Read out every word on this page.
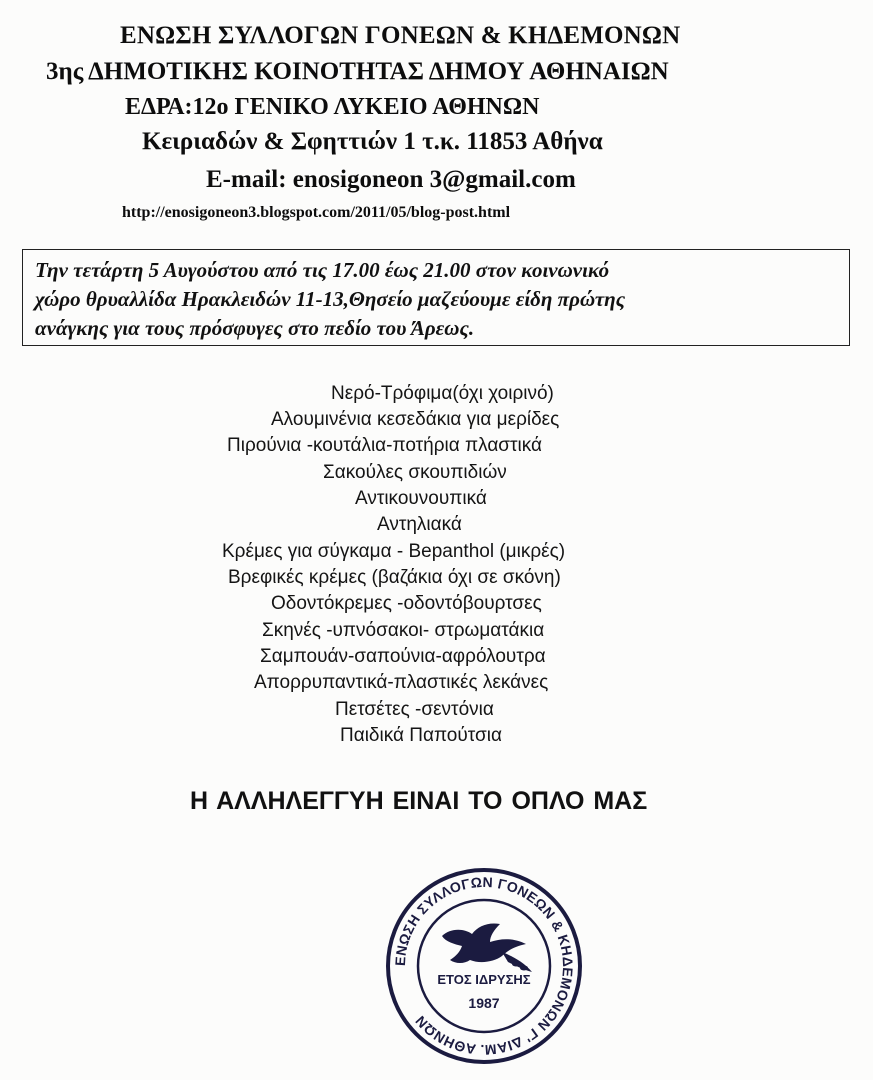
ΕΝΩΣΗ ΣΥΛΛΟΓΩΝ ΓΟΝΕΩΝ & ΚΗΔΕΜΟΝΩΝ
3ης ΔΗΜΟΤΙΚΗΣ ΚΟΙΝΟΤΗΤΑΣ ΔΗΜΟΥ ΑΘΗΝΑΙΩΝ
ΕΔΡΑ:12ο ΓΕΝΙΚΟ ΛΥΚΕΙΟ ΑΘΗΝΩΝ
Κειριαδών & Σφηττιών 1 τ.κ. 11853 Αθήνα
E-mail: enosigoneon 3@gmail.com
http://enosigoneon3.blogspot.com/2011/05/blog-post.html
Την τετάρτη 5 Αυγούστου από τις 17.00 έως 21.00 στον κοινωνικό
χώρο θρυαλλίδα Ηρακλειδών 11-13,Θησείο μαζεύουμε είδη πρώτης
ανάγκης για τους πρόσφυγες στο πεδίο του Άρεως.
Νερό-Τρόφιμα(όχι χοιρινό)
Αλουμινένια κεσεδάκια για μερίδες
Πιρούνια -κουτάλια-ποτήρια πλαστικά
Σακούλες σκουπιδιών
Αντικουνουπικά
Αντηλιακά
Κρέμες για σύγκαμα - Bepanthol (μικρές)
Βρεφικές κρέμες (βαζάκια όχι σε σκόνη)
Οδοντόκρεμες -οδοντόβουρτσες
Σκηνές -υπνόσακοι- στρωματάκια
Σαμπουάν-σαπούνια-αφρόλουτρα
Απορρυπαντικά-πλαστικές λεκάνες
Πετσέτες -σεντόνια
Παιδικά Παπούτσια
Η ΑΛΛΗΛΕΓΓΥΗ ΕΙΝΑΙ ΤΟ ΟΠΛΟ ΜΑΣ
ΕΝΩΣΗ ΣΥΛΛΟΓΩΝ ΓΟΝΕΩΝ & ΚΗΔΕΜΟΝΩΝ Γ' ΔΙΑΜ. ΑΘΗΝΩΝ
ΕΤΟΣ ΙΔΡΥΣΗΣ
1987
